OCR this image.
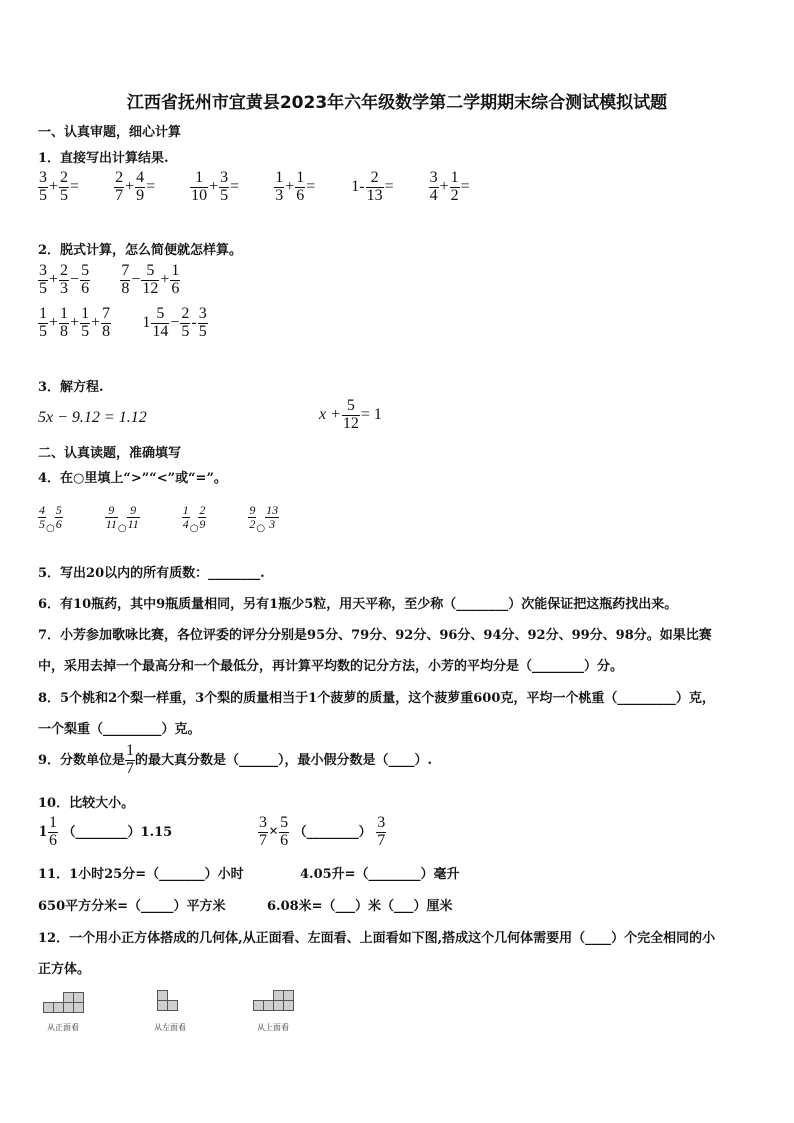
江西省抚州市宜黄县2023年六年级数学第二学期期末综合测试模拟试题
一、认真审题，细心计算
1．直接写出计算结果.
$\frac{3}{5} + \frac{2}{5} = \frac{2}{7} + \frac{4}{9} = \frac{1}{10} + \frac{3}{5} = \frac{1}{3} + \frac{1}{6} = 1- \frac{2}{13} = \frac{3}{4} + \frac{1}{2}$ =
2．脱式计算，怎么简便就怎样算。
$\frac{3}{5} + \frac{2}{3} - \frac{5}{6}$
$\frac{7}{8} - \frac{5}{12} + \frac{1}{6}$
$\frac{1}{5} + \frac{1}{8} + \frac{1}{5} + \frac{7}{8} 1 \frac{5}{14} - \frac{2}{5} - \frac{3}{5}$
3．解方程.
5x − 9.12 = 1.12	$x + \frac{5}{12} = 1$
二、认真读题，准确填写
4．在○里填上“>”“<”或“=”。
$\frac{4}{5}$ ○ $\frac{5}{6}$	$\frac{9}{11}$ ○ $\frac{9}{11}$	$\frac{1}{4}$ ○ $\frac{2}{9}$	$\frac{9}{2}$ ○ $\frac{13}{3}$
5．写出20以内的所有质数：________.
6．有10瓶药，其中9瓶质量相同，另有1瓶少5粒，用天平称，至少称（________）次能保证把这瓶药找出来。
7．小芳参加歌咏比赛，各位评委的评分分别是95分、79分、92分、96分、94分、92分、99分、98分。如果比赛
中，采用去掉一个最高分和一个最低分，再计算平均数的记分方法，小芳的平均分是（________）分。
8．5个桃和2个梨一样重，3个梨的质量相当于1个菠萝的质量，这个菠萝重600克，平均一个桃重（_________）克，
一个梨重（_________）克。
9．分数单位是 $\frac{1}{7}$ 的最大真分数是（______），最小假分数是（____）.
10．比较大小。
$1 \frac{1}{6}$ （________）1.15	$\frac{3}{7} \times \frac{5}{6}$ （________） $\frac{3}{7}$
11．1小时25分=（_______）小时	4.05升=（________）毫升
650平方分米=（_____）平方米	6.08米=（___）米（___）厘米
12．一个用小正方体搭成的几何体,从正面看、左面看、上面看如下图,搭成这个几何体需要用（____）个完全相同的小
正方体。
从正面看	从左面看	从上面看
